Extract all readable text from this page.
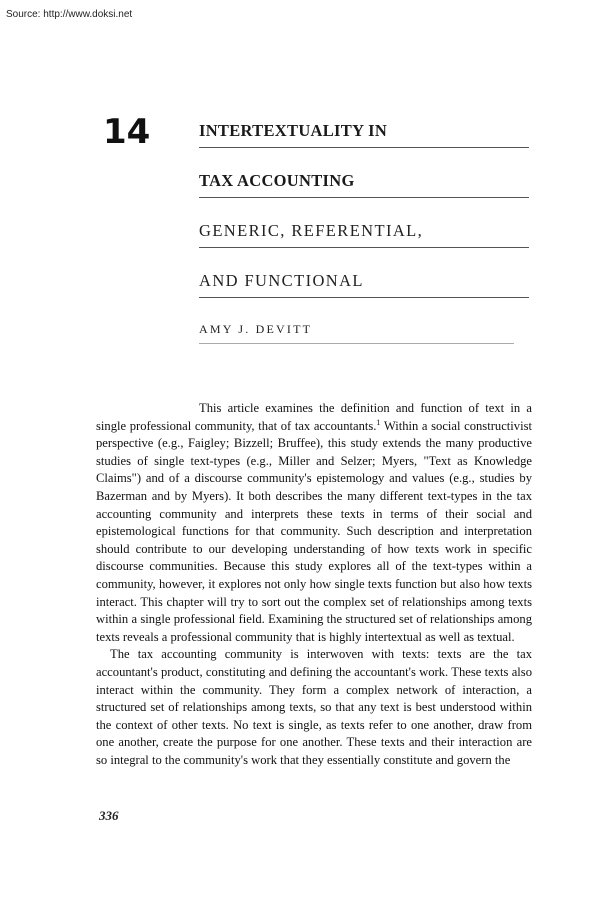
Source: http://www.doksi.net
14	INTERTEXTUALITY IN
TAX ACCOUNTING
GENERIC, REFERENTIAL,
AND FUNCTIONAL
AMY J. DEVITT

This article examines the definition and function of text in a single professional community, that of tax accountants.$^1$ Within a social constructivist perspective (e.g., Faigley; Bizzell; Bruffee), this study extends the many productive studies of single text-types (e.g., Miller and Selzer; Myers, "Text as Knowledge Claims") and of a discourse community's epistemology and values (e.g., studies by Bazerman and by Myers). It both describes the many different text-types in the tax accounting community and interprets these texts in terms of their social and epistemological functions for that community. Such description and interpretation should contribute to our developing understanding of how texts work in specific discourse communities. Because this study explores all of the text-types within a community, however, it explores not only how single texts function but also how texts interact. This chapter will try to sort out the complex set of relationships among texts within a single professional field. Examining the structured set of relationships among texts reveals a professional community that is highly intertextual as well as textual.

The tax accounting community is interwoven with texts: texts are the tax accountant's product, constituting and defining the accountant's work. These texts also interact within the community. They form a complex network of interaction, a structured set of relationships among texts, so that any text is best understood within the context of other texts. No text is single, as texts refer to one another, draw from one another, create the purpose for one another. These texts and their interaction are so integral to the community's work that they essentially constitute and govern the

336
